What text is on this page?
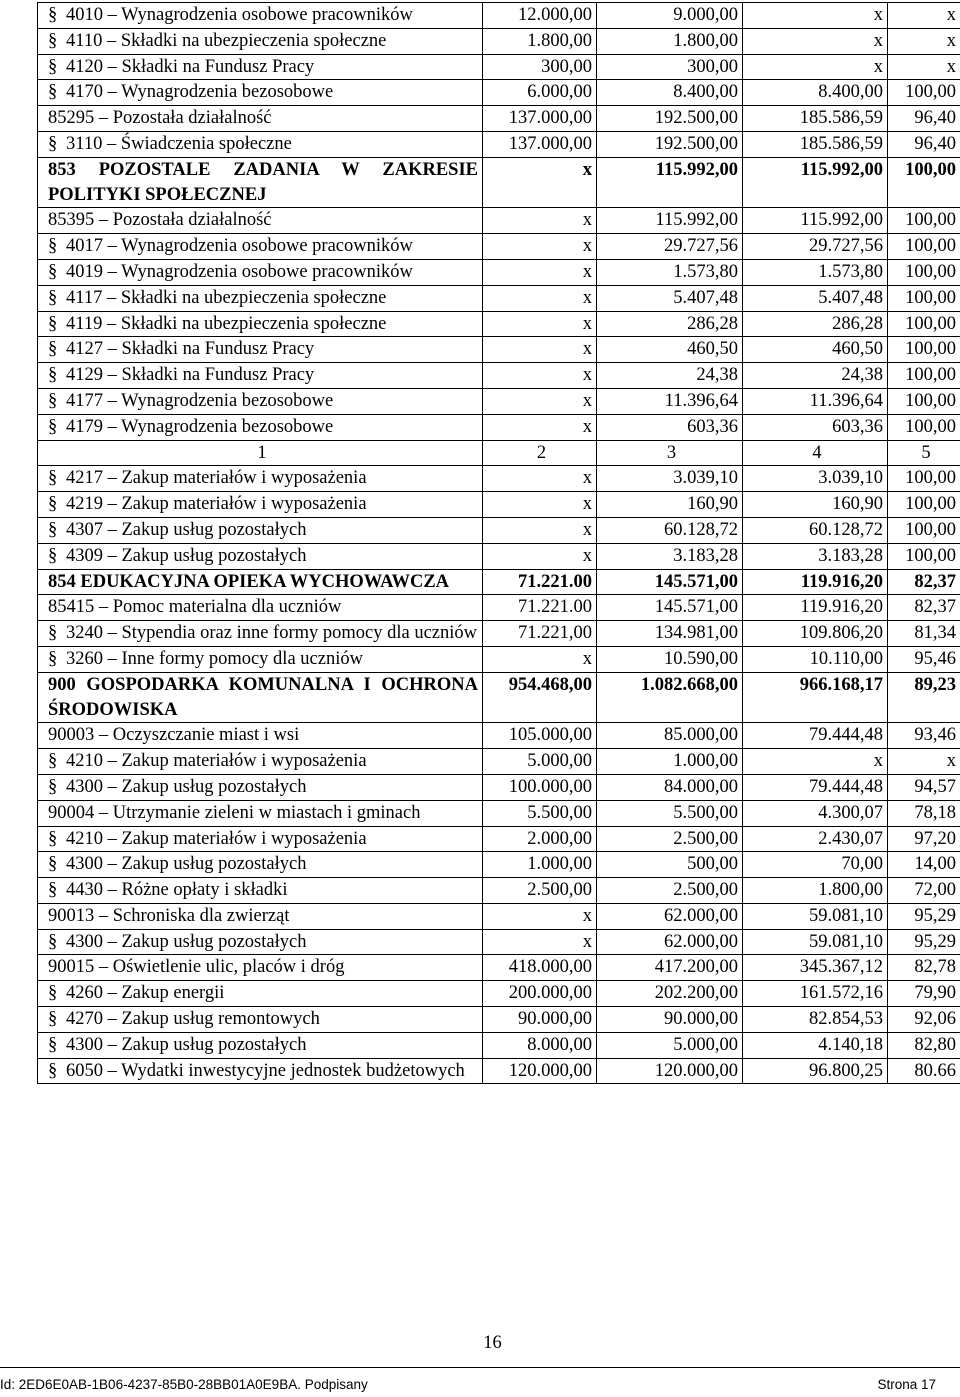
§ 4010 – Wynagrodzenia osobowe pracowników	12.000,00	9.000,00	x	x
§ 4110 – Składki na ubezpieczenia społeczne	1.800,00	1.800,00	x	x
§ 4120 – Składki na Fundusz Pracy	300,00	300,00	x	x
§ 4170 – Wynagrodzenia bezosobowe	6.000,00	8.400,00	8.400,00	100,00
85295 – Pozostała działalność	137.000,00	192.500,00	185.586,59	96,40
§ 3110 – Świadczenia społeczne	137.000,00	192.500,00	185.586,59	96,40
853 POZOSTALE ZADANIA W ZAKRESIE POLITYKI SPOŁECZNEJ	x	115.992,00	115.992,00	100,00
85395 – Pozostała działalność	x	115.992,00	115.992,00	100,00
§ 4017 – Wynagrodzenia osobowe pracowników	x	29.727,56	29.727,56	100,00
§ 4019 – Wynagrodzenia osobowe pracowników	x	1.573,80	1.573,80	100,00
§ 4117 – Składki na ubezpieczenia społeczne	x	5.407,48	5.407,48	100,00
§ 4119 – Składki na ubezpieczenia społeczne	x	286,28	286,28	100,00
§ 4127 – Składki na Fundusz Pracy	x	460,50	460,50	100,00
§ 4129 – Składki na Fundusz Pracy	x	24,38	24,38	100,00
§ 4177 – Wynagrodzenia bezosobowe	x	11.396,64	11.396,64	100,00
§ 4179 – Wynagrodzenia bezosobowe	x	603,36	603,36	100,00
1	2	3	4	5
§ 4217 – Zakup materiałów i wyposażenia	x	3.039,10	3.039,10	100,00
§ 4219 – Zakup materiałów i wyposażenia	x	160,90	160,90	100,00
§ 4307 – Zakup usług pozostałych	x	60.128,72	60.128,72	100,00
§ 4309 – Zakup usług pozostałych	x	3.183,28	3.183,28	100,00
854 EDUKACYJNA OPIEKA WYCHOWAWCZA	71.221.00	145.571,00	119.916,20	82,37
85415 – Pomoc materialna dla uczniów	71.221.00	145.571,00	119.916,20	82,37
§ 3240 – Stypendia oraz inne formy pomocy dla uczniów	71.221,00	134.981,00	109.806,20	81,34
§ 3260 – Inne formy pomocy dla uczniów	x	10.590,00	10.110,00	95,46
900 GOSPODARKA KOMUNALNA I OCHRONA ŚRODOWISKA	954.468,00	1.082.668,00	966.168,17	89,23
90003 – Oczyszczanie miast i wsi	105.000,00	85.000,00	79.444,48	93,46
§ 4210 – Zakup materiałów i wyposażenia	5.000,00	1.000,00	x	x
§ 4300 – Zakup usług pozostałych	100.000,00	84.000,00	79.444,48	94,57
90004 – Utrzymanie zieleni w miastach i gminach	5.500,00	5.500,00	4.300,07	78,18
§ 4210 – Zakup materiałów i wyposażenia	2.000,00	2.500,00	2.430,07	97,20
§ 4300 – Zakup usług pozostałych	1.000,00	500,00	70,00	14,00
§ 4430 – Różne opłaty i składki	2.500,00	2.500,00	1.800,00	72,00
90013 – Schroniska dla zwierząt	x	62.000,00	59.081,10	95,29
§ 4300 – Zakup usług pozostałych	x	62.000,00	59.081,10	95,29
90015 – Oświetlenie ulic, placów i dróg	418.000,00	417.200,00	345.367,12	82,78
§ 4260 – Zakup energii	200.000,00	202.200,00	161.572,16	79,90
§ 4270 – Zakup usług remontowych	90.000,00	90.000,00	82.854,53	92,06
§ 4300 – Zakup usług pozostałych	8.000,00	5.000,00	4.140,18	82,80
§ 6050 – Wydatki inwestycyjne jednostek budżetowych	120.000,00	120.000,00	96.800,25	80.66
16
Id: 2ED6E0AB-1B06-4237-85B0-28BB01A0E9BA. Podpisany	Strona 17
